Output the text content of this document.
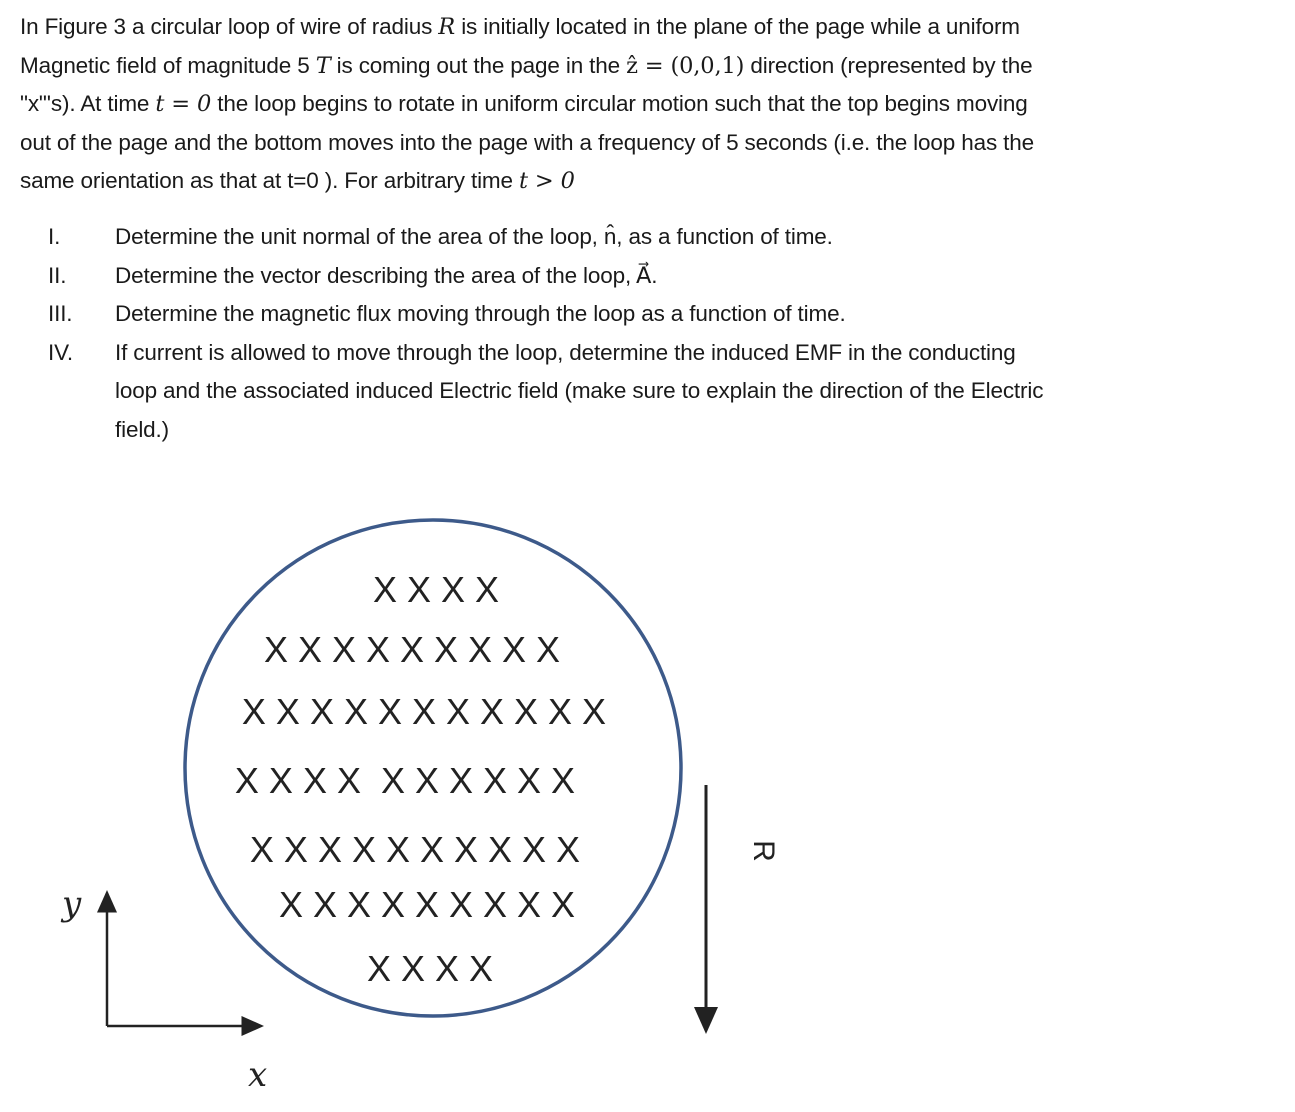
In Figure 3 a circular loop of wire of radius R is initially located in the plane of the page while a uniform
Magnetic field of magnitude 5 T is coming out the page in the ẑ = (0,0,1) direction (represented by the
"x"'s). At time t = 0 the loop begins to rotate in uniform circular motion such that the top begins moving
out of the page and the bottom moves into the page with a frequency of 5 seconds (i.e. the loop has the
same orientation as that at t=0 ). For arbitrary time t > 0
I.	Determine the unit normal of the area of the loop, n̂, as a function of time.
II.	Determine the vector describing the area of the loop, A⃗.
III.	Determine the magnetic flux moving through the loop as a function of time.
IV.	If current is allowed to move through the loop, determine the induced EMF in the conducting
loop and the associated induced Electric field (make sure to explain the direction of the Electric
field.)
X X X X
X X X X X X X X X
X X X X X X X X X X X
X X X X  X X X X X X
X X X X X X X X X X
X X X X X X X X X
X X X X
y
x
R
